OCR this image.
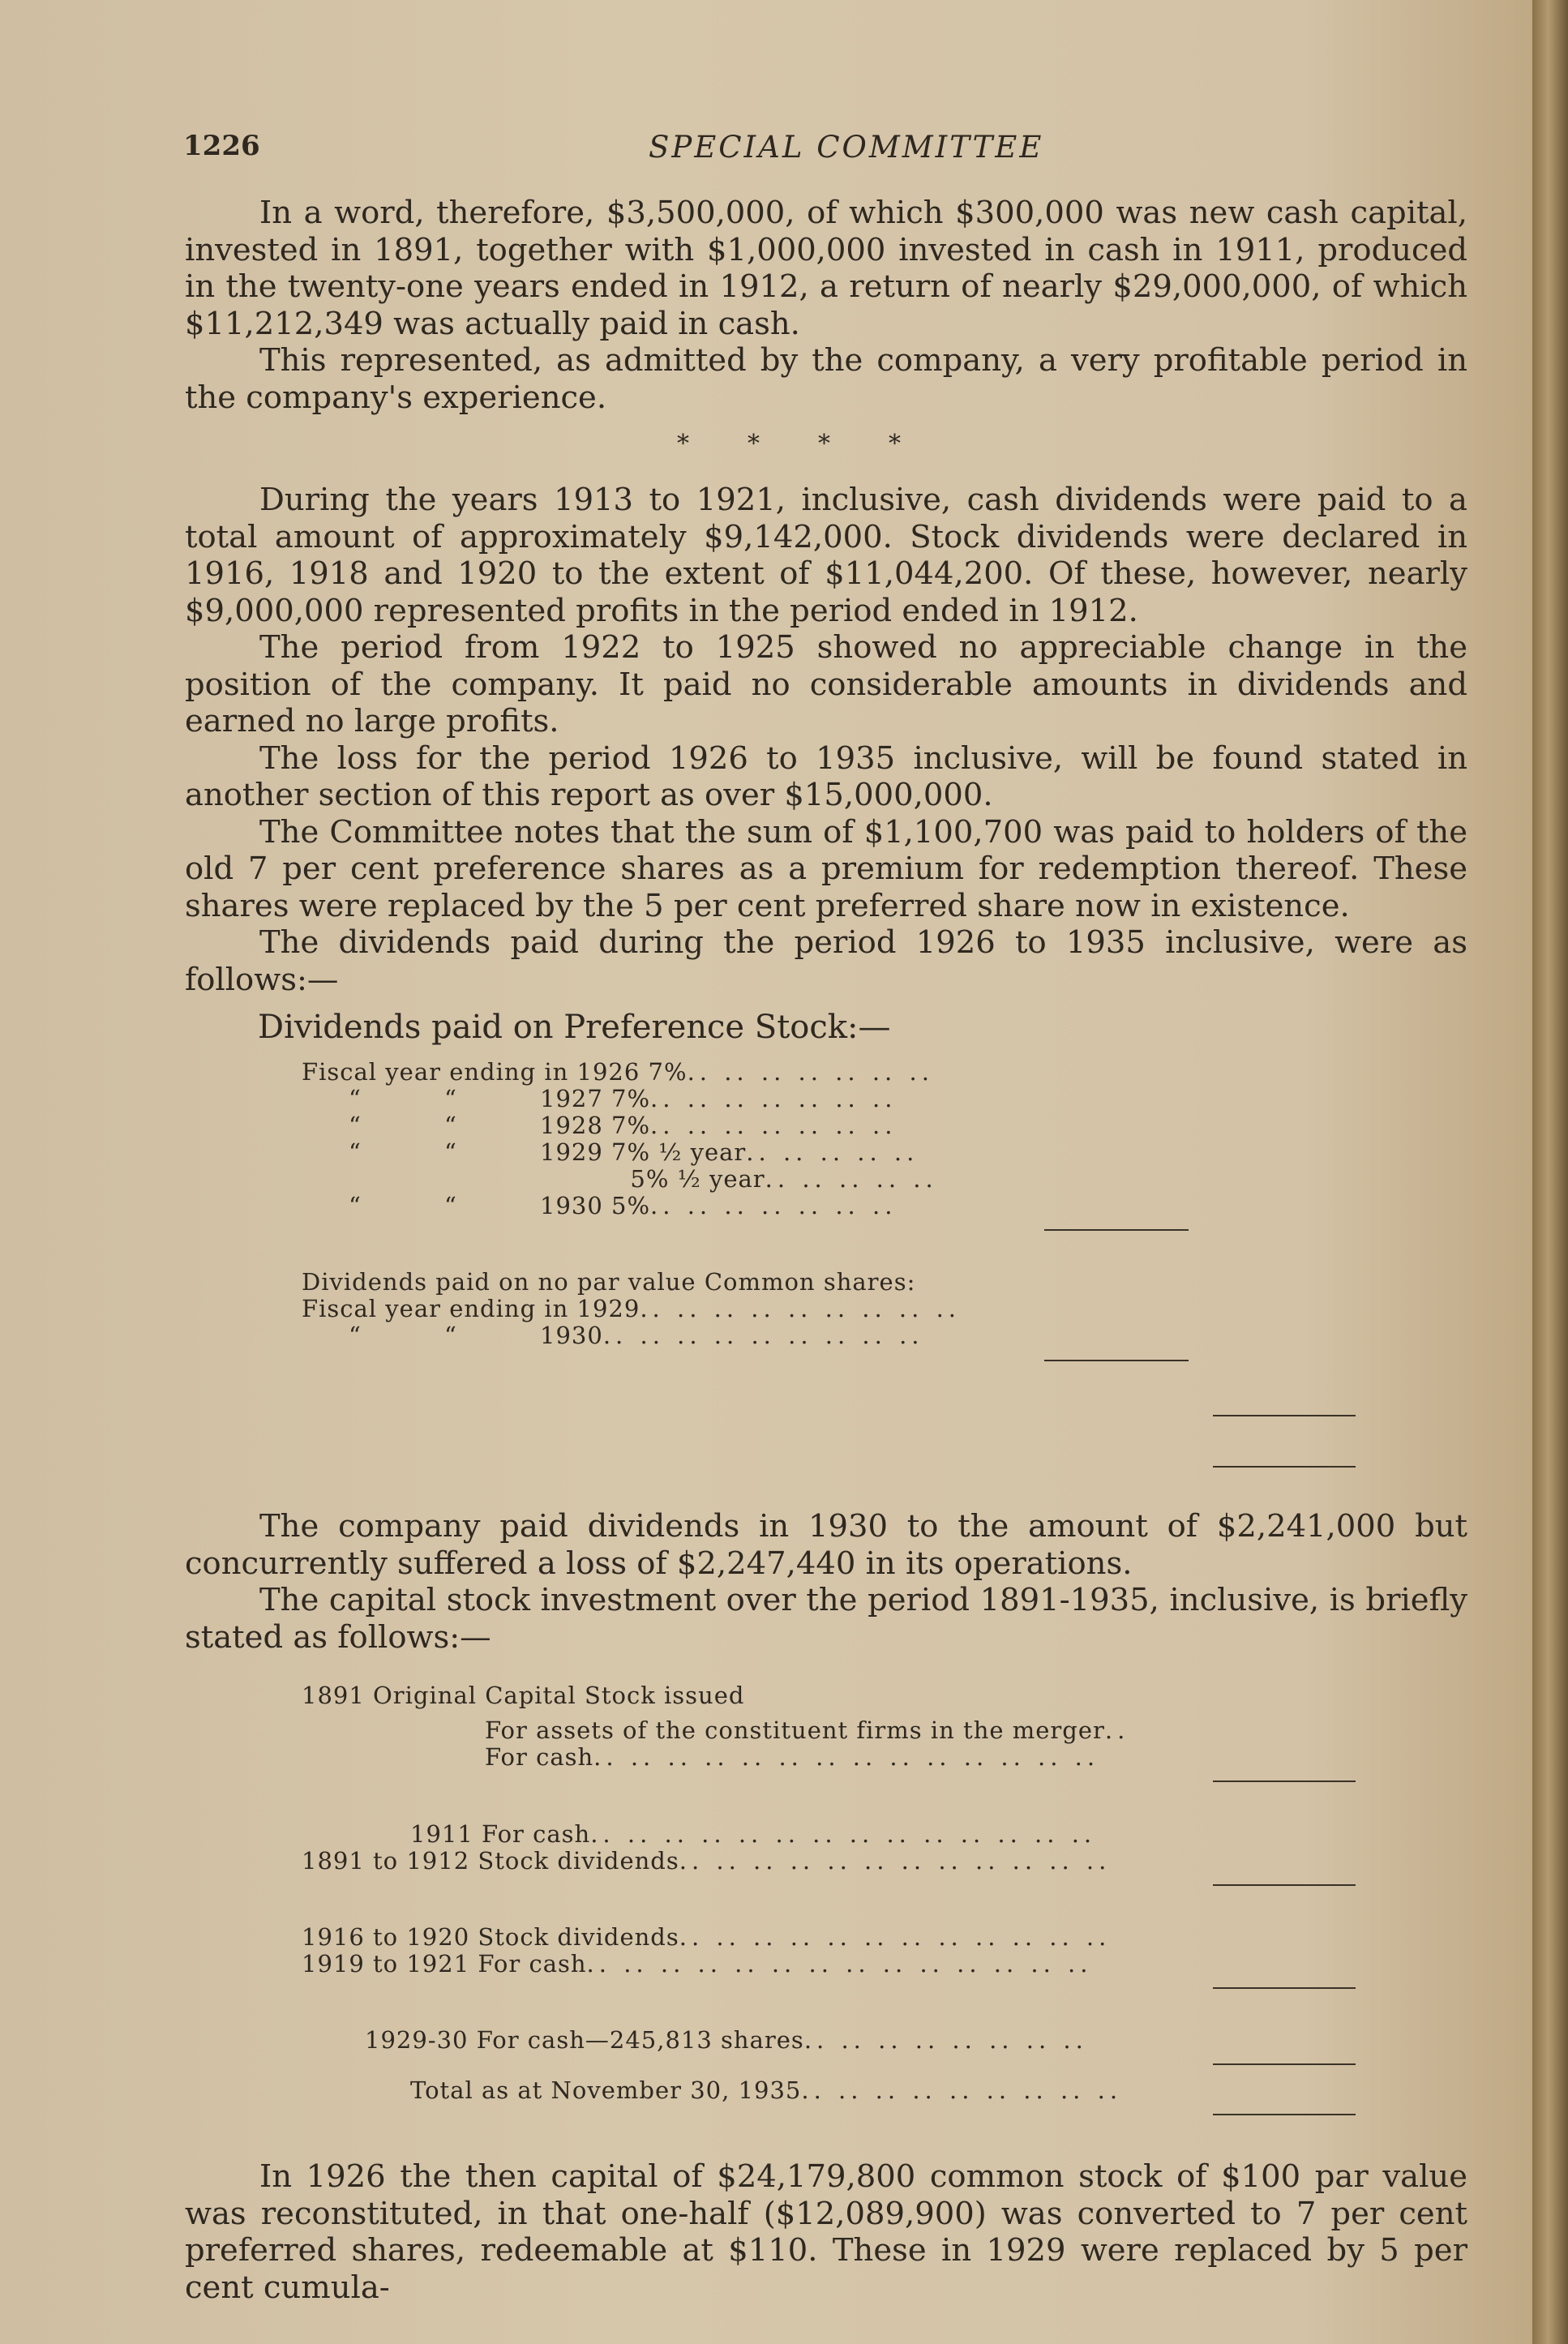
1226	SPECIAL COMMITTEE

In a word, therefore, $3,500,000, of which $300,000 was new cash capital, invested in 1891, together with $1,000,000 invested in cash in 1911, produced in the twenty-one years ended in 1912, a return of nearly $29,000,000, of which $11,212,349 was actually paid in cash.

This represented, as admitted by the company, a very profitable period in the company's experience.

* * * *

During the years 1913 to 1921, inclusive, cash dividends were paid to a total amount of approximately $9,142,000. Stock dividends were declared in 1916, 1918 and 1920 to the extent of $11,044,200. Of these, however, nearly $9,000,000 represented profits in the period ended in 1912.

The period from 1922 to 1925 showed no appreciable change in the position of the company. It paid no considerable amounts in dividends and earned no large profits.

The loss for the period 1926 to 1935 inclusive, will be found stated in another section of this report as over $15,000,000.

The Committee notes that the sum of $1,100,700 was paid to holders of the old 7 per cent preference shares as a premium for redemption thereof. These shares were replaced by the 5 per cent preferred share now in existence.

The dividends paid during the period 1926 to 1935 inclusive, were as follows:—

Dividends paid on Preference Stock:—
Fiscal year ending in 1926 7%.. .. .. .. .. .. ..
“          “          1927 7%.. .. .. .. .. .. ..
“          “          1928 7%.. .. .. .. .. .. ..
“          “          1929 7% ½ year.. .. .. .. ..
5% ½ year.. .. .. .. ..
“          “          1930 5%.. .. .. .. .. .. ..
Dividends paid on no par value Common shares:
Fiscal year ending in 1929.. .. .. .. .. .. .. .. ..
“          “          1930.. .. .. .. .. .. .. .. ..

The company paid dividends in 1930 to the amount of $2,241,000 but concurrently suffered a loss of $2,247,440 in its operations.

The capital stock investment over the period 1891-1935, inclusive, is briefly stated as follows:—

1891 Original Capital Stock issued
For assets of the constituent firms in the merger..
For cash.. .. .. .. .. .. .. .. .. .. .. .. .. ..
1911 For cash.. .. .. .. .. .. .. .. .. .. .. .. .. ..
1891 to 1912 Stock dividends.. .. .. .. .. .. .. .. .. .. .. ..
1916 to 1920 Stock dividends.. .. .. .. .. .. .. .. .. .. .. ..
1919 to 1921 For cash.. .. .. .. .. .. .. .. .. .. .. .. .. ..
1929-30 For cash—245,813 shares.. .. .. .. .. .. .. ..
Total as at November 30, 1935.. .. .. .. .. .. .. .. ..

In 1926 the then capital of $24,179,800 common stock of $100 par value was reconstituted, in that one-half ($12,089,900) was converted to 7 per cent preferred shares, redeemable at $110. These in 1929 were replaced by 5 per cent cumula-
